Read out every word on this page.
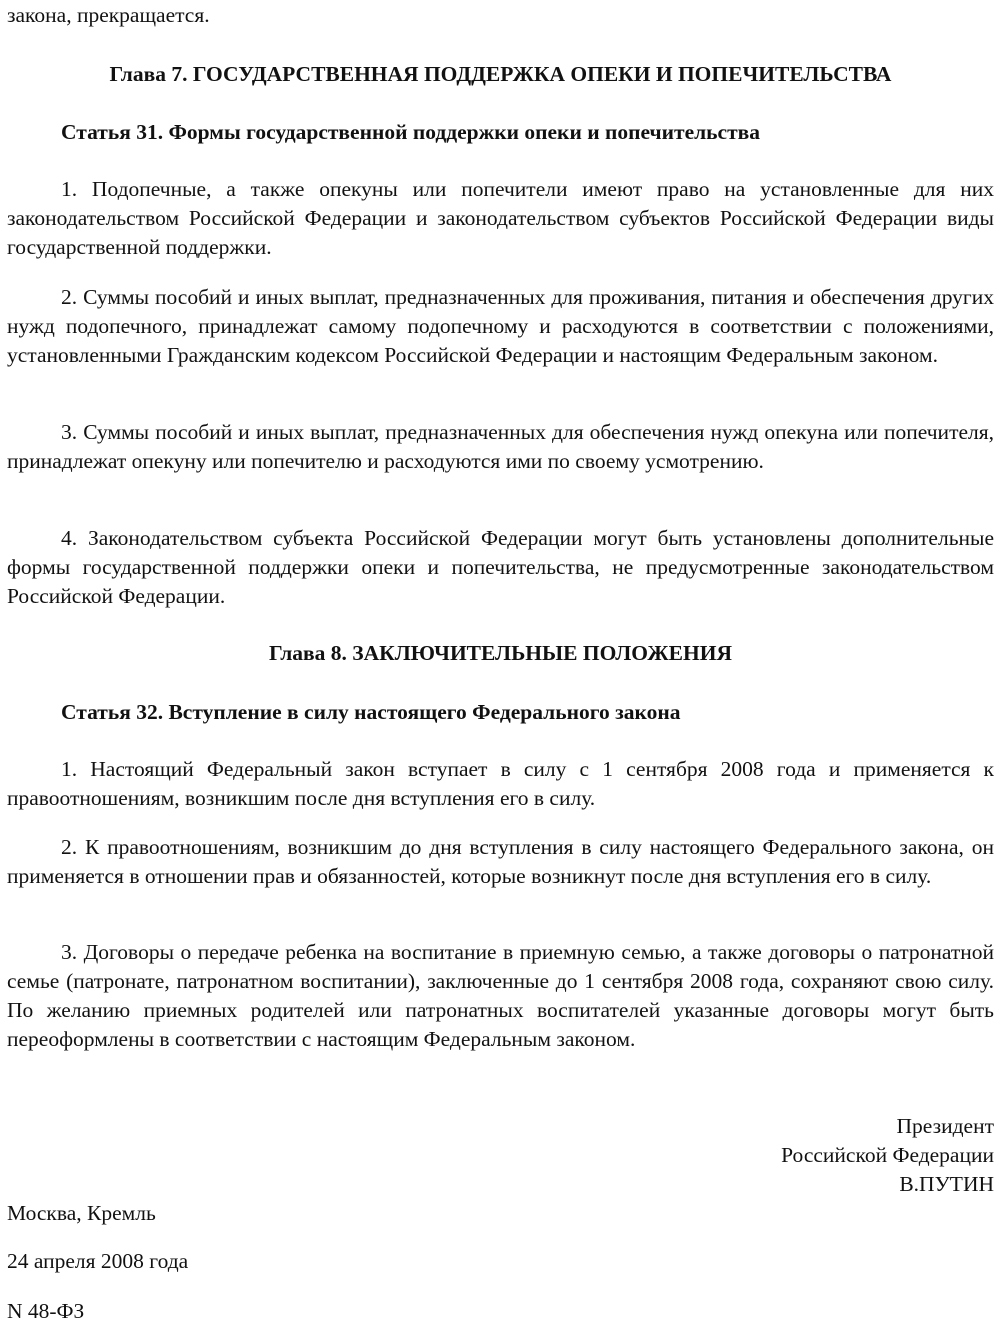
закона, прекращается.

Глава 7. ГОСУДАРСТВЕННАЯ ПОДДЕРЖКА ОПЕКИ И ПОПЕЧИТЕЛЬСТВА

Статья 31. Формы государственной поддержки опеки и попечительства

1. Подопечные, а также опекуны или попечители имеют право на установленные для них законодательством Российской Федерации и законодательством субъектов Российской Федерации виды государственной поддержки.

2. Суммы пособий и иных выплат, предназначенных для проживания, питания и обеспечения других нужд подопечного, принадлежат самому подопечному и расходуются в соответствии с положениями, установленными Гражданским кодексом Российской Федерации и настоящим Федеральным законом.

3. Суммы пособий и иных выплат, предназначенных для обеспечения нужд опекуна или попечителя, принадлежат опекуну или попечителю и расходуются ими по своему усмотрению.

4. Законодательством субъекта Российской Федерации могут быть установлены дополнительные формы государственной поддержки опеки и попечительства, не предусмотренные законодательством Российской Федерации.

Глава 8. ЗАКЛЮЧИТЕЛЬНЫЕ ПОЛОЖЕНИЯ

Статья 32. Вступление в силу настоящего Федерального закона

1. Настоящий Федеральный закон вступает в силу с 1 сентября 2008 года и применяется к правоотношениям, возникшим после дня вступления его в силу.

2. К правоотношениям, возникшим до дня вступления в силу настоящего Федерального закона, он применяется в отношении прав и обязанностей, которые возникнут после дня вступления его в силу.

3. Договоры о передаче ребенка на воспитание в приемную семью, а также договоры о патронатной семье (патронате, патронатном воспитании), заключенные до 1 сентября 2008 года, сохраняют свою силу. По желанию приемных родителей или патронатных воспитателей указанные договоры могут быть переоформлены в соответствии с настоящим Федеральным законом.

Президент

Российской Федерации

В.ПУТИН

Москва, Кремль

24 апреля 2008 года

N 48-ФЗ
